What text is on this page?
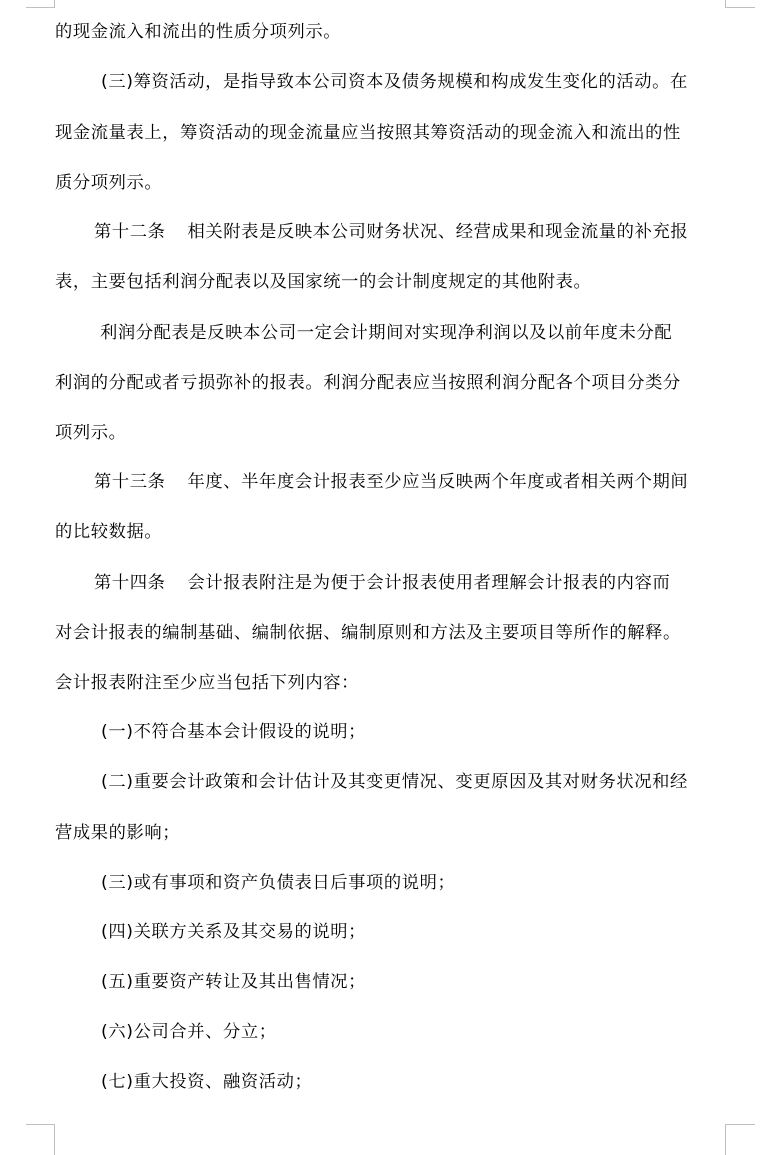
的现金流入和流出的性质分项列示。
(三)筹资活动，是指导致本公司资本及债务规模和构成发生变化的活动。在
现金流量表上，筹资活动的现金流量应当按照其筹资活动的现金流入和流出的性
质分项列示。
第十二条 相关附表是反映本公司财务状况、经营成果和现金流量的补充报
表，主要包括利润分配表以及国家统一的会计制度规定的其他附表。
利润分配表是反映本公司一定会计期间对实现净利润以及以前年度未分配
利润的分配或者亏损弥补的报表。利润分配表应当按照利润分配各个项目分类分
项列示。
第十三条 年度、半年度会计报表至少应当反映两个年度或者相关两个期间
的比较数据。
第十四条 会计报表附注是为便于会计报表使用者理解会计报表的内容而
对会计报表的编制基础、编制依据、编制原则和方法及主要项目等所作的解释。
会计报表附注至少应当包括下列内容：
(一)不符合基本会计假设的说明；
(二)重要会计政策和会计估计及其变更情况、变更原因及其对财务状况和经
营成果的影响；
(三)或有事项和资产负债表日后事项的说明；
(四)关联方关系及其交易的说明；
(五)重要资产转让及其出售情况；
(六)公司合并、分立；
(七)重大投资、融资活动；
